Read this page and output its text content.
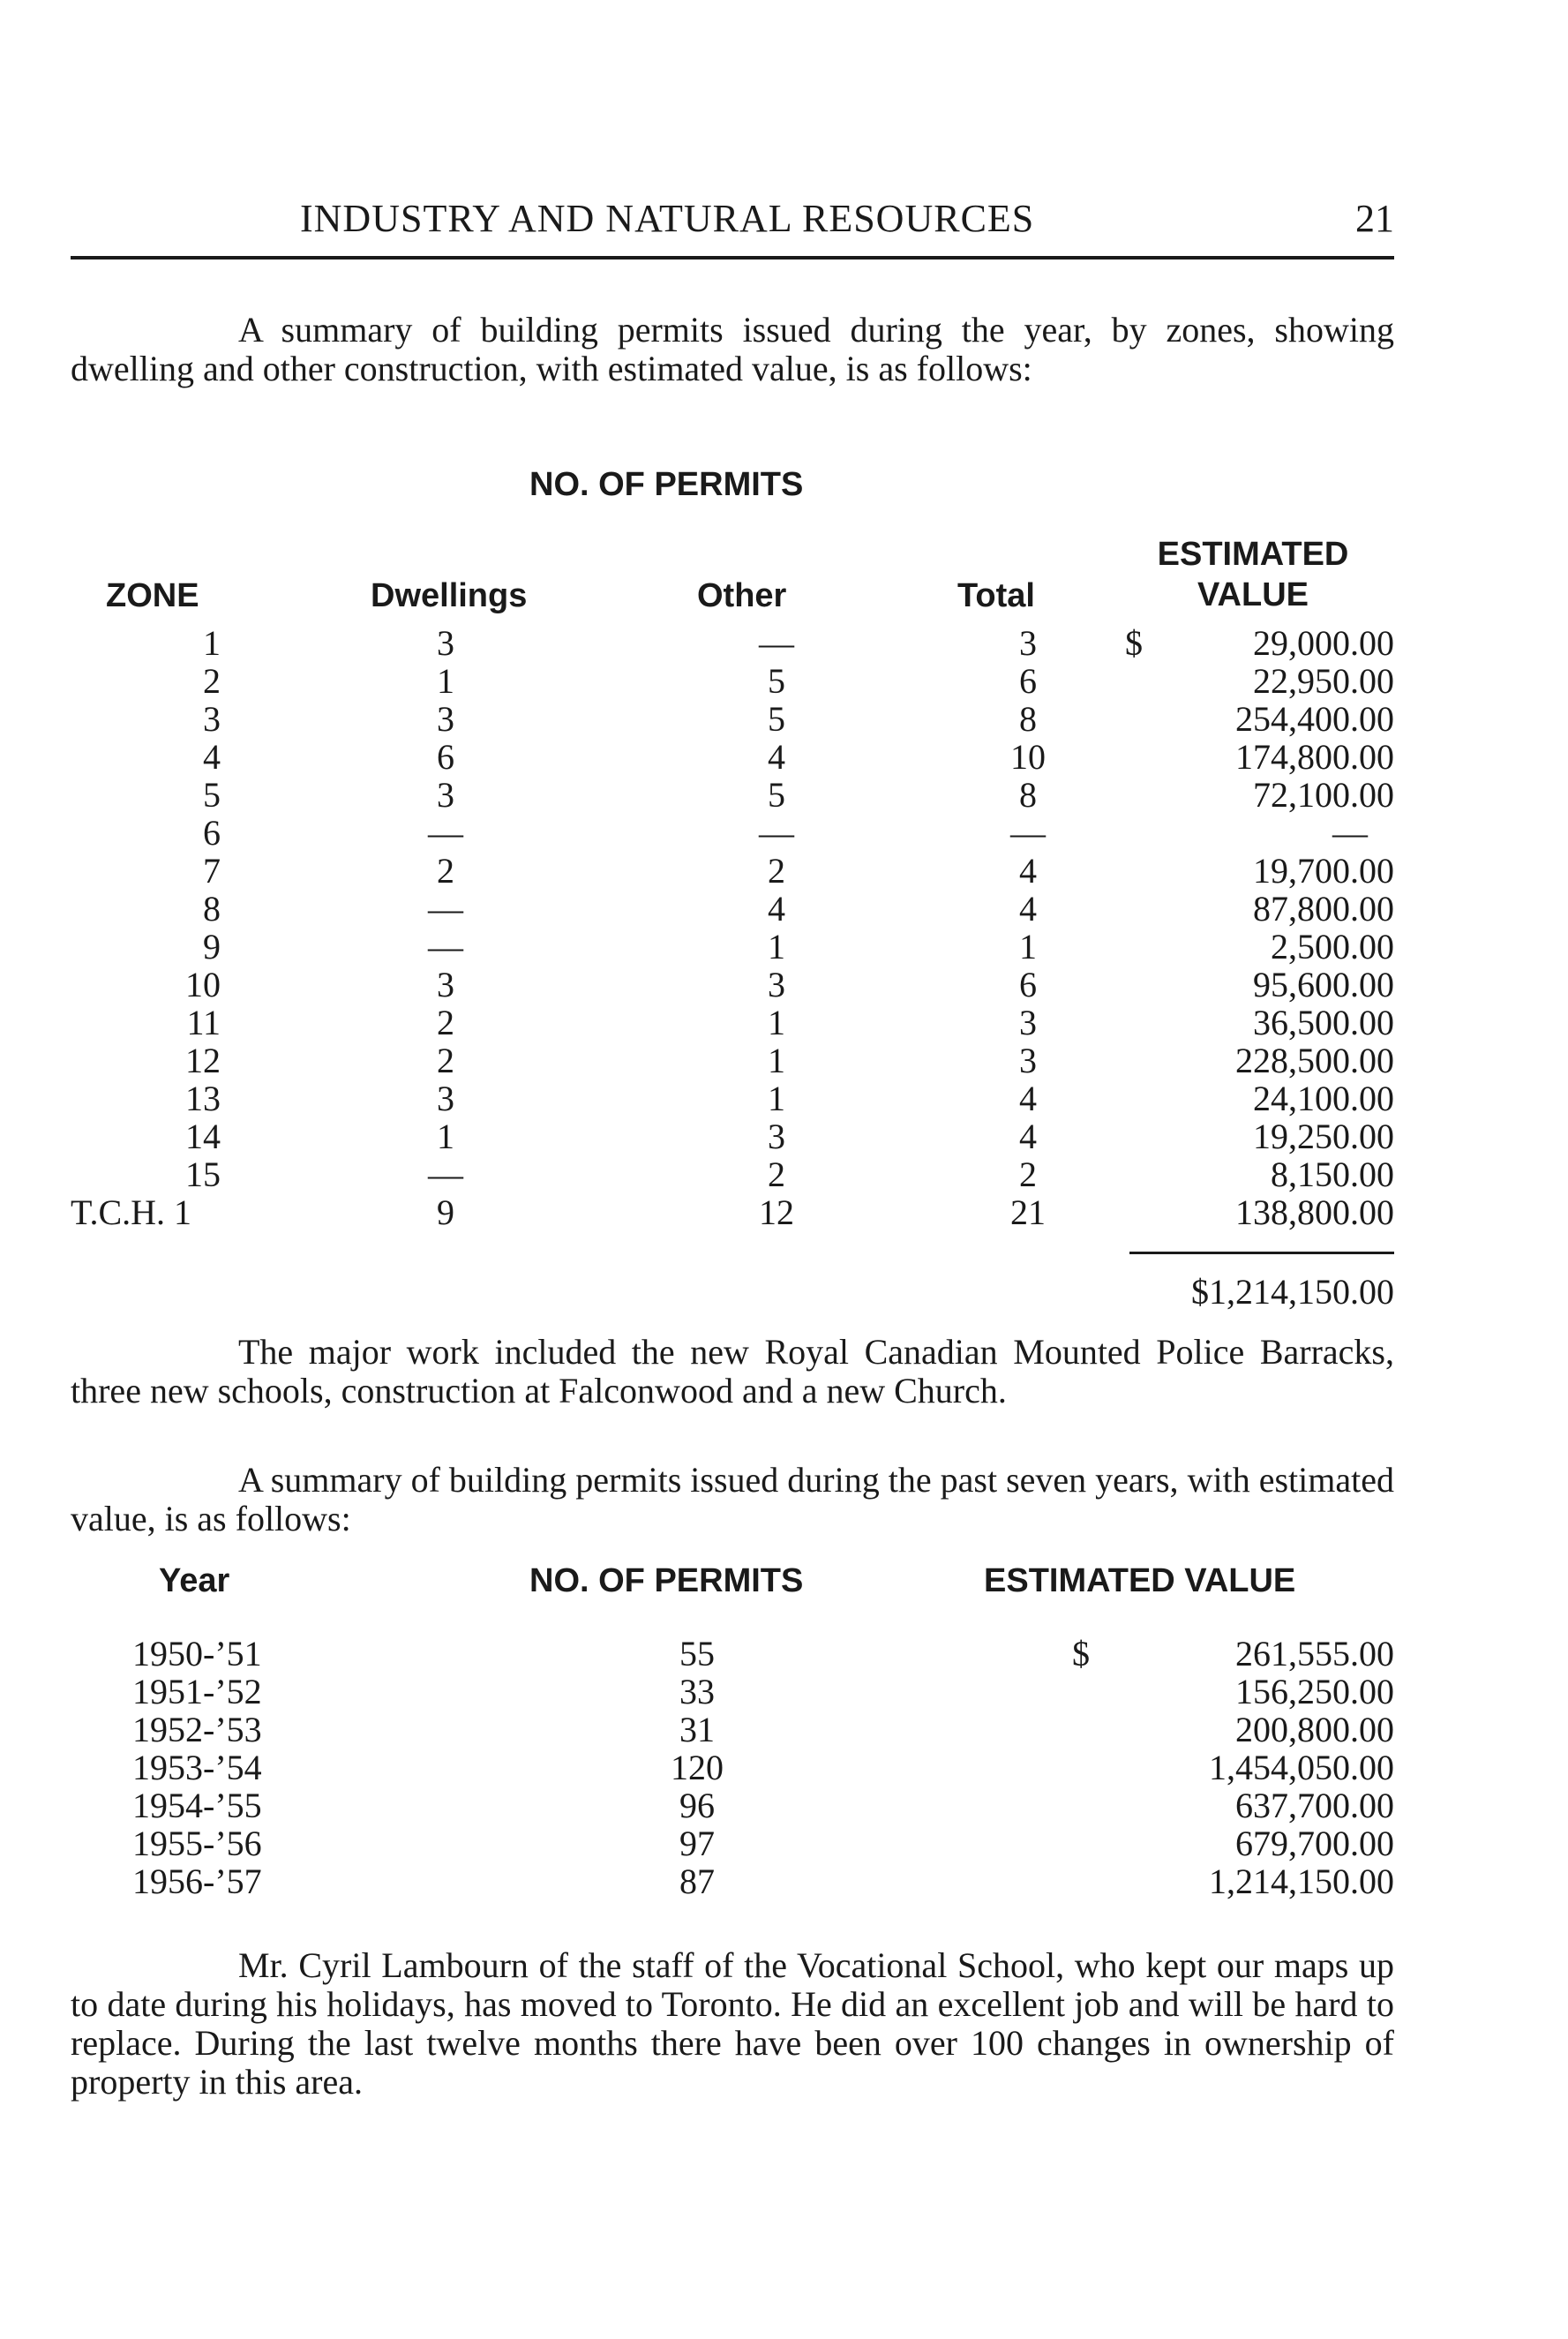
INDUSTRY AND NATURAL RESOURCES	21

A summary of building permits issued during the year, by zones, showing dwelling and other construction, with estimated value, is as follows:

NO. OF PERMITS
ZONE	Dwellings	Other	Total
ESTIMATED
VALUE
1	3	—	3	$	29,000.00
2	1	5	6	22,950.00
3	3	5	8	254,400.00
4	6	4	10	174,800.00
5	3	5	8	72,100.00
6	—	—	—	—
7	2	2	4	19,700.00
8	—	4	4	87,800.00
9	—	1	1	2,500.00
10	3	3	6	95,600.00
11	2	1	3	36,500.00
12	2	1	3	228,500.00
13	3	1	4	24,100.00
14	1	3	4	19,250.00
15	—	2	2	8,150.00
T.C.H. 1	9	12	21	138,800.00
$1,214,150.00

The major work included the new Royal Canadian Mounted Police Barracks, three new schools, construction at Falconwood and a new Church.

A summary of building permits issued during the past seven years, with estimated value, is as follows:

Year	NO. OF PERMITS	ESTIMATED VALUE
1950-’51	55	$	261,555.00
1951-’52	33	156,250.00
1952-’53	31	200,800.00
1953-’54	120	1,454,050.00
1954-’55	96	637,700.00
1955-’56	97	679,700.00
1956-’57	87	1,214,150.00

Mr. Cyril Lambourn of the staff of the Vocational School, who kept our maps up to date during his holidays, has moved to Toronto. He did an excellent job and will be hard to replace. During the last twelve months there have been over 100 changes in ownership of property in this area.
